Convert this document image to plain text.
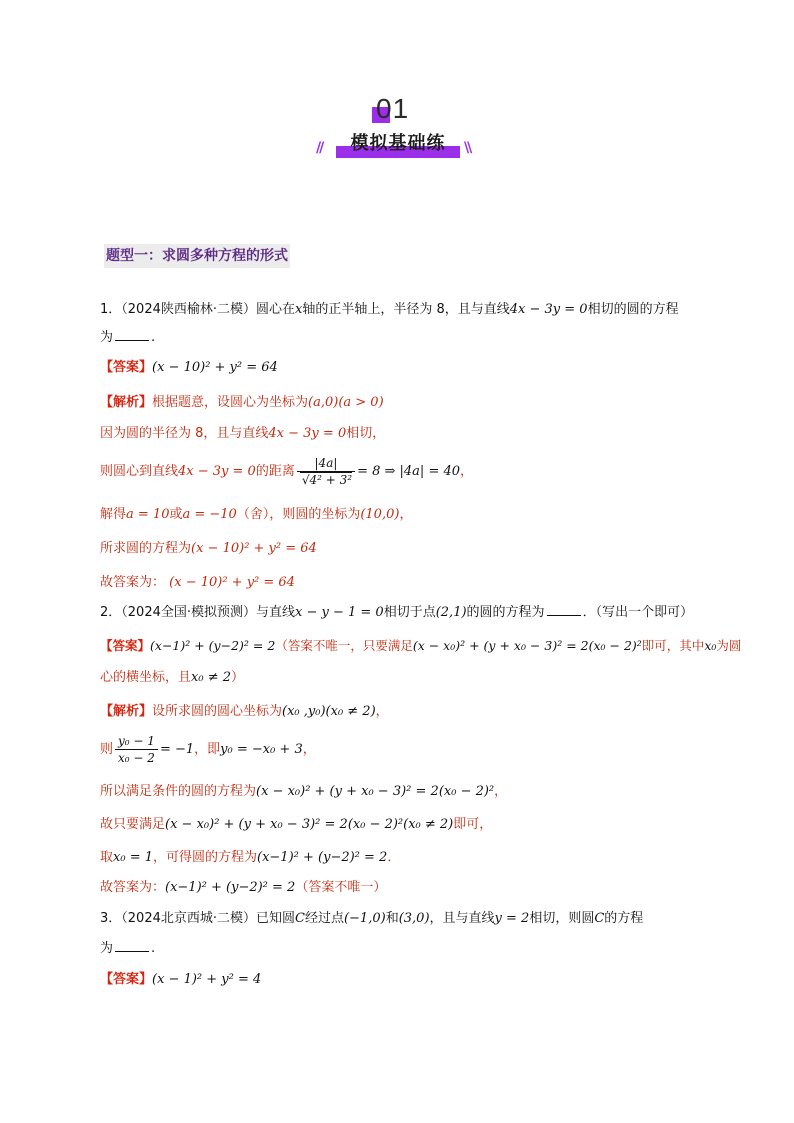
01
//	模拟基础练	\\
题型一：求圆多种方程的形式
1．（2024陕西榆林·二模）圆心在x轴的正半轴上，半径为 8，且与直线4x − 3y = 0相切的圆的方程
为	.
【答案】(x − 10)² + y² = 64
【解析】根据题意，设圆心为坐标为(a,0)(a > 0)
因为圆的半径为 8，且与直线4x − 3y = 0相切，
则圆心到直线4x − 3y = 0的距离 $\frac{|4a|}{\text{√4² + 3²}} = 8$ ⇒ |4a| = 40，
解得a = 10或a = −10（舍），则圆的坐标为(10,0)，
所求圆的方程为(x − 10)² + y² = 64
故答案为： (x − 10)² + y² = 64
2．（2024全国·模拟预测）与直线x − y − 1 = 0相切于点(2,1)的圆的方程为	．（写出一个即可）
【答案】(x−1)² + (y−2)² = 2（答案不唯一，只要满足(x − x₀)² + (y + x₀ − 3)² = 2(x₀ − 2)²即可，其中x₀为圆
心的横坐标，且x₀ ≠ 2）
【解析】设所求圆的圆心坐标为(x₀ ,y₀)(x₀ ≠ 2)，
则 $\frac{\text{y₀ − 1}}{\text{x₀ − 2}} = -1$，即y₀ = −x₀ + 3，
所以满足条件的圆的方程为(x − x₀)² + (y + x₀ − 3)² = 2(x₀ − 2)²，
故只要满足(x − x₀)² + (y + x₀ − 3)² = 2(x₀ − 2)²(x₀ ≠ 2)即可，
取x₀ = 1，可得圆的方程为(x−1)² + (y−2)² = 2．
故答案为：(x−1)² + (y−2)² = 2（答案不唯一）
3．（2024北京西城·二模）已知圆C经过点(−1,0)和(3,0)，且与直线y = 2相切，则圆C的方程
为	.
【答案】(x − 1)² + y² = 4
